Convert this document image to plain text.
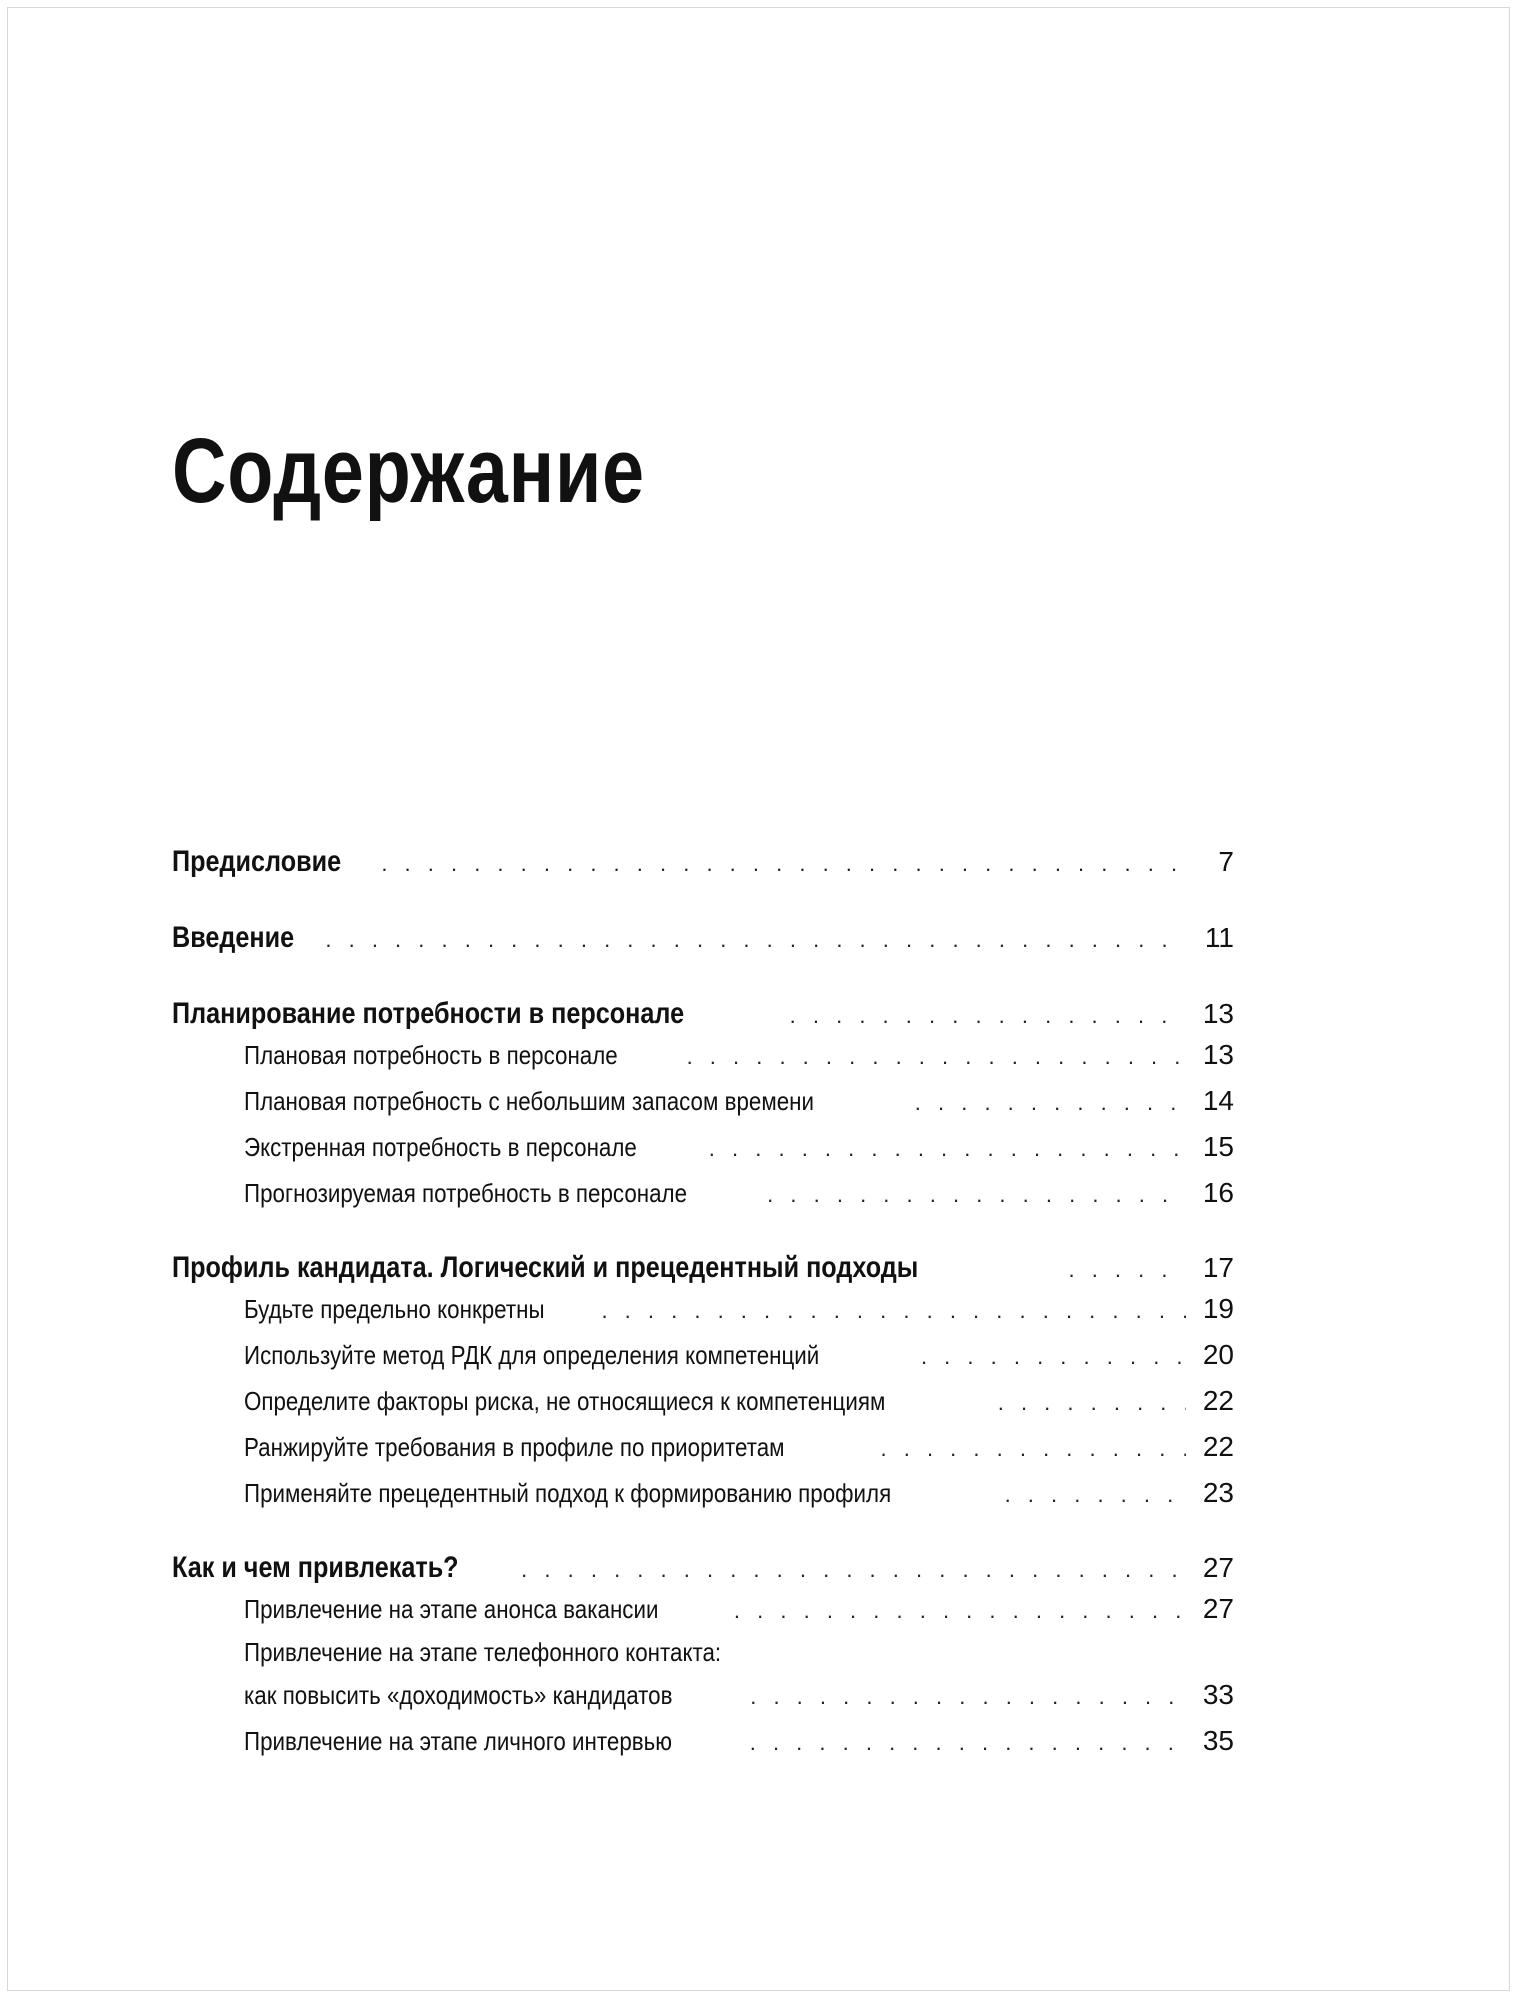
Содержание
Предисловие . . .	7
Введение . . .	11
Планирование потребности в персонале . . .	13
Плановая потребность в персонале . . .	13
Плановая потребность с небольшим запасом времени . . .	14
Экстренная потребность в персонале . . .	15
Прогнозируемая потребность в персонале . . .	16
Профиль кандидата. Логический и прецедентный подходы . . .	17
Будьте предельно конкретны . . .	19
Используйте метод РДК для определения компетенций . . .	20
Определите факторы риска, не относящиеся к компетенциям . . .	22
Ранжируйте требования в профиле по приоритетам . . .	22
Применяйте прецедентный подход к формированию профиля . . .	23
Как и чем привлекать? . . .	27
Привлечение на этапе анонса вакансии . . .	27
Привлечение на этапе телефонного контакта:
как повысить «доходимость» кандидатов . . .	33
Привлечение на этапе личного интервью . . .	35
